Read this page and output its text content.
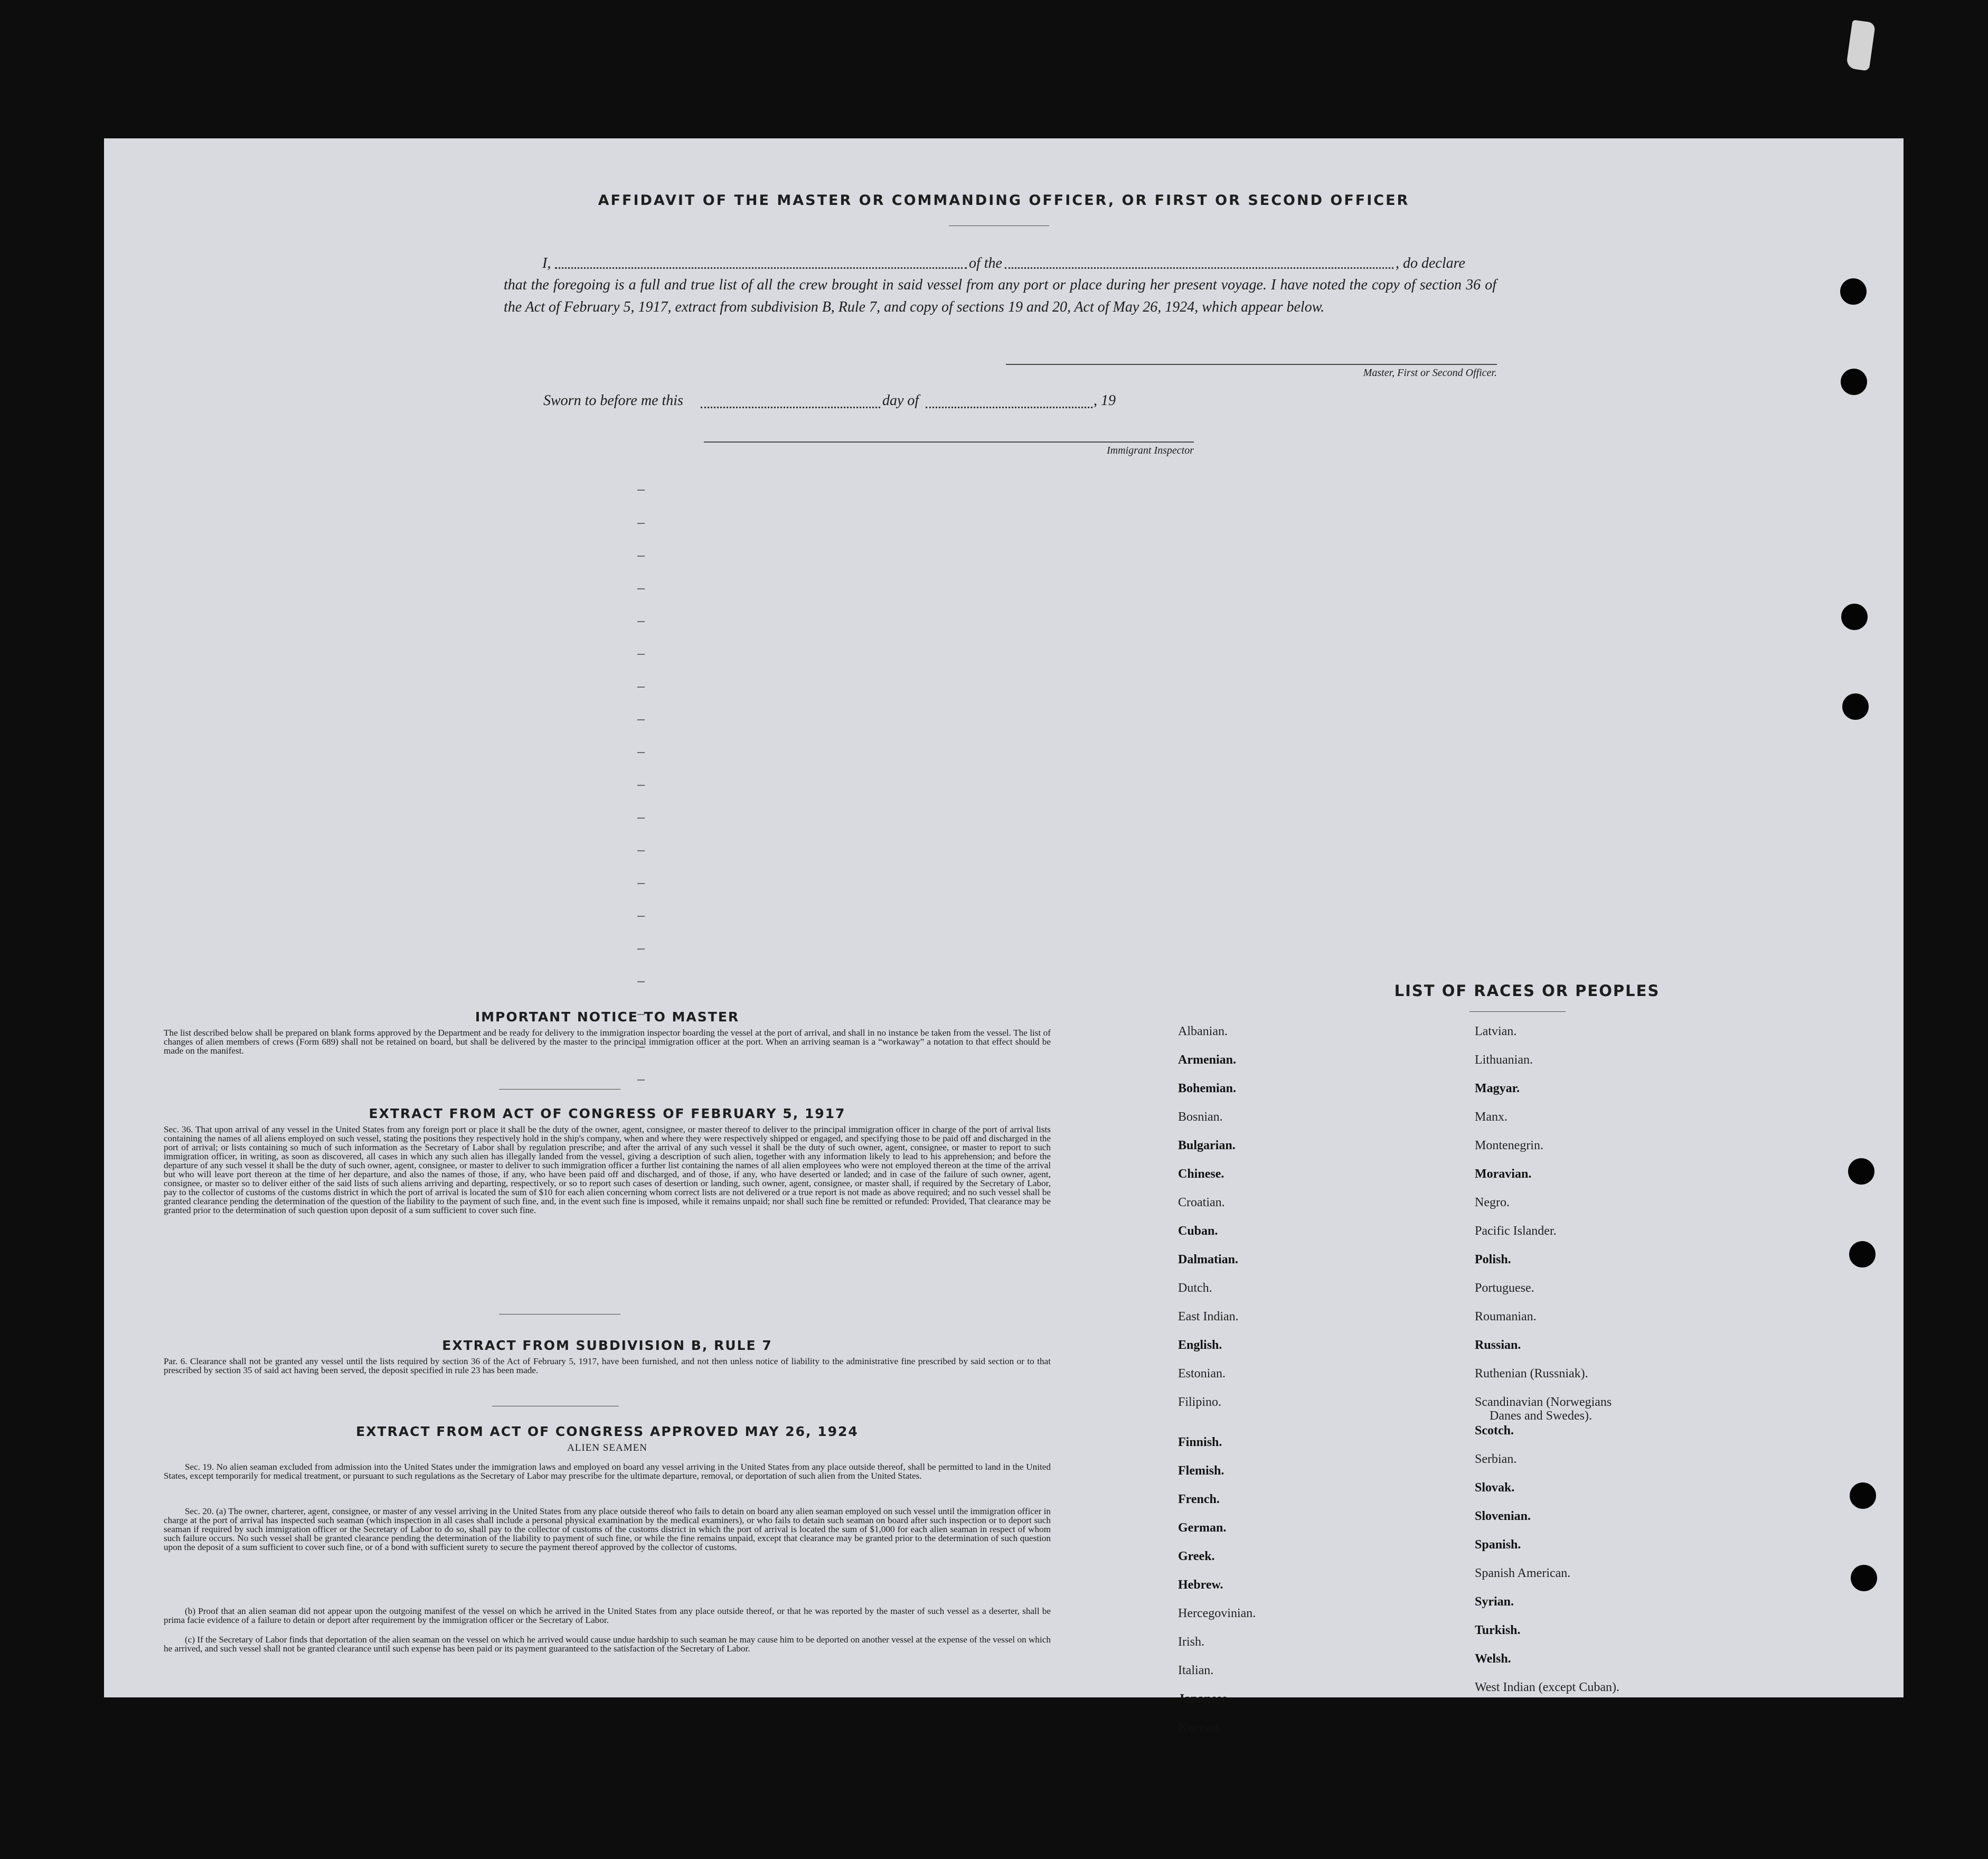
AFFIDAVIT OF THE MASTER OR COMMANDING OFFICER, OR FIRST OR SECOND OFFICER
I,	of the	, do declare
that the foregoing is a full and true list of all the crew brought in said vessel from any port or place during her present voyage. I have noted the copy of section 36 of the Act of February 5, 1917, extract from subdivision B, Rule 7, and copy of sections 19 and 20, Act of May 26, 1924, which appear below.
Master, First or Second Officer.
Sworn to before me this	day of	, 19
Immigrant Inspector
IMPORTANT NOTICE TO MASTER
The list described below shall be prepared on blank forms approved by the Department and be ready for delivery to the immigration inspector boarding the vessel at the port of arrival, and shall in no instance be taken from the vessel. The list of changes of alien members of crews (Form 689) shall not be retained on board, but shall be delivered by the master to the principal immigration officer at the port. When an arriving seaman is a “workaway” a notation to that effect should be made on the manifest.
EXTRACT FROM ACT OF CONGRESS OF FEBRUARY 5, 1917
Sec. 36. That upon arrival of any vessel in the United States from any foreign port or place it shall be the duty of the owner, agent, consignee, or master thereof to deliver to the principal immigration officer in charge of the port of arrival lists containing the names of all aliens employed on such vessel, stating the positions they respectively hold in the ship's company, when and where they were respectively shipped or engaged, and specifying those to be paid off and discharged in the port of arrival; or lists containing so much of such information as the Secretary of Labor shall by regulation prescribe; and after the arrival of any such vessel it shall be the duty of such owner, agent, consignee, or master to report to such immigration officer, in writing, as soon as discovered, all cases in which any such alien has illegally landed from the vessel, giving a description of such alien, together with any information likely to lead to his apprehension; and before the departure of any such vessel it shall be the duty of such owner, agent, consignee, or master to deliver to such immigration officer a further list containing the names of all alien employees who were not employed thereon at the time of the arrival but who will leave port thereon at the time of her departure, and also the names of those, if any, who have been paid off and discharged, and of those, if any, who have deserted or landed; and in case of the failure of such owner, agent, consignee, or master so to deliver either of the said lists of such aliens arriving and departing, respectively, or so to report such cases of desertion or landing, such owner, agent, consignee, or master shall, if required by the Secretary of Labor, pay to the collector of customs of the customs district in which the port of arrival is located the sum of $10 for each alien concerning whom correct lists are not delivered or a true report is not made as above required; and no such vessel shall be granted clearance pending the determination of the question of the liability to the payment of such fine, and, in the event such fine is imposed, while it remains unpaid; nor shall such fine be remitted or refunded: Provided, That clearance may be granted prior to the determination of such question upon deposit of a sum sufficient to cover such fine.
EXTRACT FROM SUBDIVISION B, RULE 7
Par. 6. Clearance shall not be granted any vessel until the lists required by section 36 of the Act of February 5, 1917, have been furnished, and not then unless notice of liability to the administrative fine prescribed by said section or to that prescribed by section 35 of said act having been served, the deposit specified in rule 23 has been made.
EXTRACT FROM ACT OF CONGRESS APPROVED MAY 26, 1924
ALIEN SEAMEN
Sec. 19. No alien seaman excluded from admission into the United States under the immigration laws and employed on board any vessel arriving in the United States from any place outside thereof, shall be permitted to land in the United States, except temporarily for medical treatment, or pursuant to such regulations as the Secretary of Labor may prescribe for the ultimate departure, removal, or deportation of such alien from the United States.
Sec. 20. (a) The owner, charterer, agent, consignee, or master of any vessel arriving in the United States from any place outside thereof who fails to detain on board any alien seaman employed on such vessel until the immigration officer in charge at the port of arrival has inspected such seaman (which inspection in all cases shall include a personal physical examination by the medical examiners), or who fails to detain such seaman on board after such inspection or to deport such seaman if required by such immigration officer or the Secretary of Labor to do so, shall pay to the collector of customs of the customs district in which the port of arrival is located the sum of $1,000 for each alien seaman in respect of whom such failure occurs. No such vessel shall be granted clearance pending the determination of the liability to payment of such fine, or while the fine remains unpaid, except that clearance may be granted prior to the determination of such question upon the deposit of a sum sufficient to cover such fine, or of a bond with sufficient surety to secure the payment thereof approved by the collector of customs.
(b) Proof that an alien seaman did not appear upon the outgoing manifest of the vessel on which he arrived in the United States from any place outside thereof, or that he was reported by the master of such vessel as a deserter, shall be prima facie evidence of a failure to detain or deport after requirement by the immigration officer or the Secretary of Labor.
(c) If the Secretary of Labor finds that deportation of the alien seaman on the vessel on which he arrived would cause undue hardship to such seaman he may cause him to be deported on another vessel at the expense of the vessel on which he arrived, and such vessel shall not be granted clearance until such expense has been paid or its payment guaranteed to the satisfaction of the Secretary of Labor.
LIST OF RACES OR PEOPLES
Albanian.
Armenian.
Bohemian.
Bosnian.
Bulgarian.
Chinese.
Croatian.
Cuban.
Dalmatian.
Dutch.
East Indian.
English.
Estonian.
Filipino.
Finnish.
Flemish.
French.
German.
Greek.
Hebrew.
Hercegovinian.
Irish.
Italian.
Japanese.
Korean.
Latvian.
Lithuanian.
Magyar.
Manx.
Montenegrin.
Moravian.
Negro.
Pacific Islander.
Polish.
Portuguese.
Roumanian.
Russian.
Ruthenian (Russniak).
Scandinavian (Norwegians
Danes and Swedes).
Scotch.
Serbian.
Slovak.
Slovenian.
Spanish.
Spanish American.
Syrian.
Turkish.
Welsh.
West Indian (except Cuban).
